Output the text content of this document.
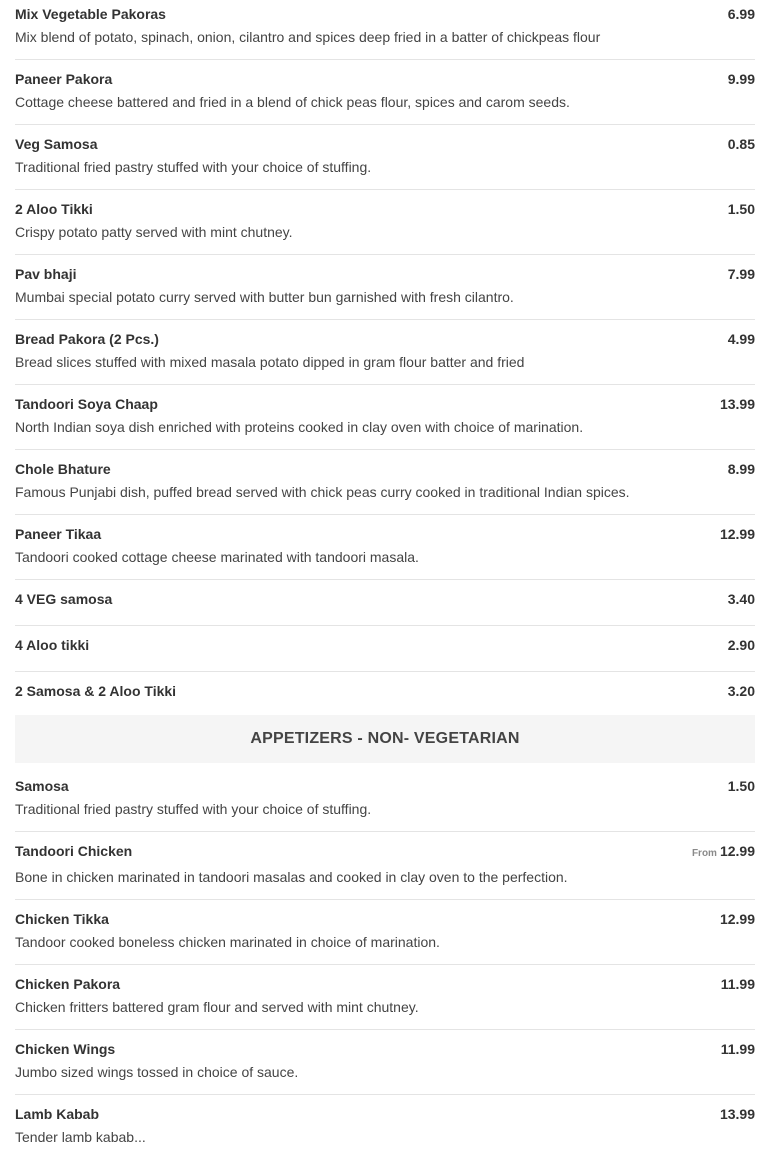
Mix Vegetable Pakoras	6.99
Mix blend of potato, spinach, onion, cilantro and spices deep fried in a batter of chickpeas flour
Paneer Pakora	9.99
Cottage cheese battered and fried in a blend of chick peas flour, spices and carom seeds.
Veg Samosa	0.85
Traditional fried pastry stuffed with your choice of stuffing.
2 Aloo Tikki	1.50
Crispy potato patty served with mint chutney.
Pav bhaji	7.99
Mumbai special potato curry served with butter bun garnished with fresh cilantro.
Bread Pakora (2 Pcs.)	4.99
Bread slices stuffed with mixed masala potato dipped in gram flour batter and fried
Tandoori Soya Chaap	13.99
North Indian soya dish enriched with proteins cooked in clay oven with choice of marination.
Chole Bhature	8.99
Famous Punjabi dish, puffed bread served with chick peas curry cooked in traditional Indian spices.
Paneer Tikaa	12.99
Tandoori cooked cottage cheese marinated with tandoori masala.
4 VEG samosa	3.40
4 Aloo tikki	2.90
2 Samosa & 2 Aloo Tikki	3.20
APPETIZERS - NON- VEGETARIAN
Samosa	1.50
Traditional fried pastry stuffed with your choice of stuffing.
Tandoori Chicken	From 12.99
Bone in chicken marinated in tandoori masalas and cooked in clay oven to the perfection.
Chicken Tikka	12.99
Tandoor cooked boneless chicken marinated in choice of marination.
Chicken Pakora	11.99
Chicken fritters battered gram flour and served with mint chutney.
Chicken Wings	11.99
Jumbo sized wings tossed in choice of sauce.
Lamb Kabab	13.99
Tender lamb kabab...
